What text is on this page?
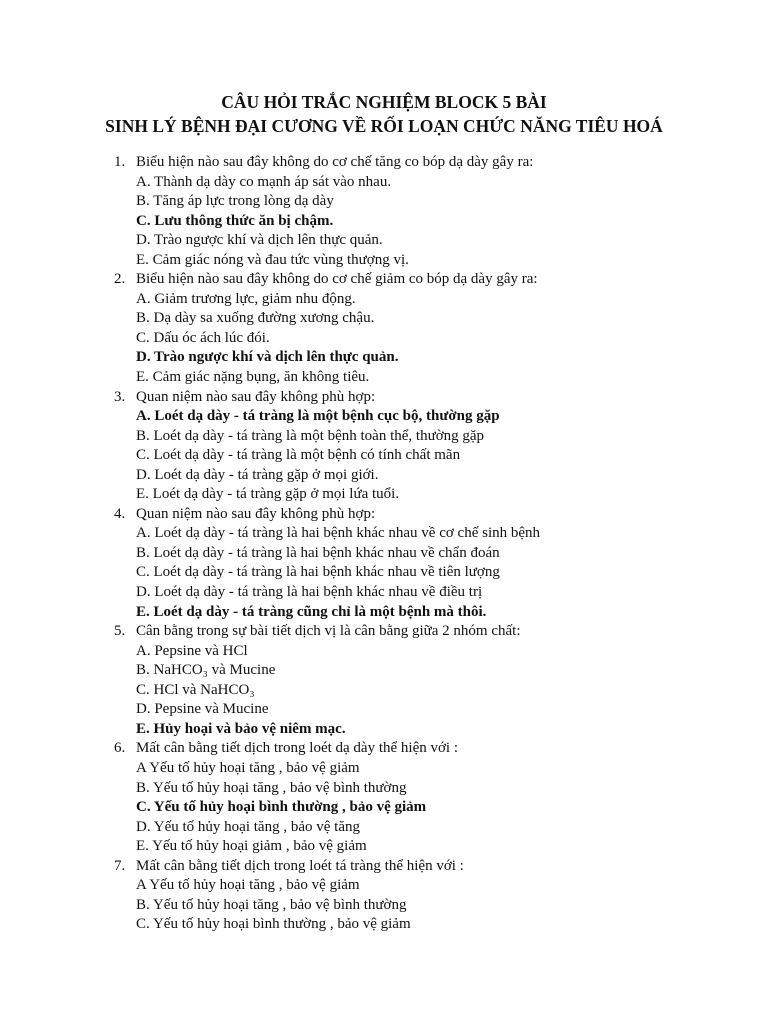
CÂU HỎI TRẮC NGHIỆM BLOCK 5 BÀI
SINH LÝ BỆNH ĐẠI CƯƠNG VỀ RỐI LOẠN CHỨC NĂNG TIÊU HOÁ
1. Biểu hiện nào sau đây không do cơ chế tăng co bóp dạ dày gây ra:
A. Thành dạ dày co mạnh áp sát vào nhau.
B. Tăng áp lực trong lòng dạ dày
C. Lưu thông thức ăn bị chậm.
D. Trào ngược khí và dịch lên thực quản.
E. Cảm giác nóng và đau tức vùng thượng vị.
2. Biểu hiện nào sau đây không do cơ chế giảm co bóp dạ dày gây ra:
A. Giảm trương lực, giảm nhu động.
B. Dạ dày sa xuống đường xương chậu.
C. Dấu óc ách lúc đói.
D. Trào ngược khí và dịch lên thực quản.
E. Cảm giác nặng bụng, ăn không tiêu.
3. Quan niệm nào sau đây không phù hợp:
A. Loét dạ dày - tá tràng là một bệnh cục bộ, thường gặp
B. Loét dạ dày - tá tràng là một bệnh toàn thể, thường gặp
C. Loét dạ dày - tá tràng là một bệnh có tính chất mãn
D. Loét dạ dày - tá tràng gặp ở mọi giới.
E. Loét dạ dày - tá tràng gặp ở mọi lứa tuổi.
4. Quan niệm nào sau đây không phù hợp:
A. Loét dạ dày - tá tràng là hai bệnh khác nhau về cơ chế sinh bệnh
B. Loét dạ dày - tá tràng là hai bệnh khác nhau về chẩn đoán
C. Loét dạ dày - tá tràng là hai bệnh khác nhau về tiên lượng
D. Loét dạ dày - tá tràng là hai bệnh khác nhau về điều trị
E. Loét dạ dày - tá tràng cũng chỉ là một bệnh mà thôi.
5. Cân bằng trong sự bài tiết dịch vị là cân bằng giữa 2 nhóm chất:
A. Pepsine và HCl
B. NaHCO₃ và Mucine
C. HCl và NaHCO₃
D. Pepsine và Mucine
E. Hủy hoại và bảo vệ niêm mạc.
6. Mất cân bằng tiết dịch trong loét dạ dày thể hiện với :
A Yếu tố hủy hoại tăng , bảo vệ giảm
B. Yếu tố hủy hoại tăng , bảo vệ bình thường
C. Yếu tố hủy hoại bình thường , bảo vệ giảm
D. Yếu tố hủy hoại tăng , bảo vệ tăng
E. Yếu tố hủy hoại giảm , bảo vệ giảm
7. Mất cân bằng tiết dịch trong loét tá tràng thể hiện với :
A Yếu tố hủy hoại tăng , bảo vệ giảm
B. Yếu tố hủy hoại tăng , bảo vệ bình thường
C. Yếu tố hủy hoại bình thường , bảo vệ giảm
